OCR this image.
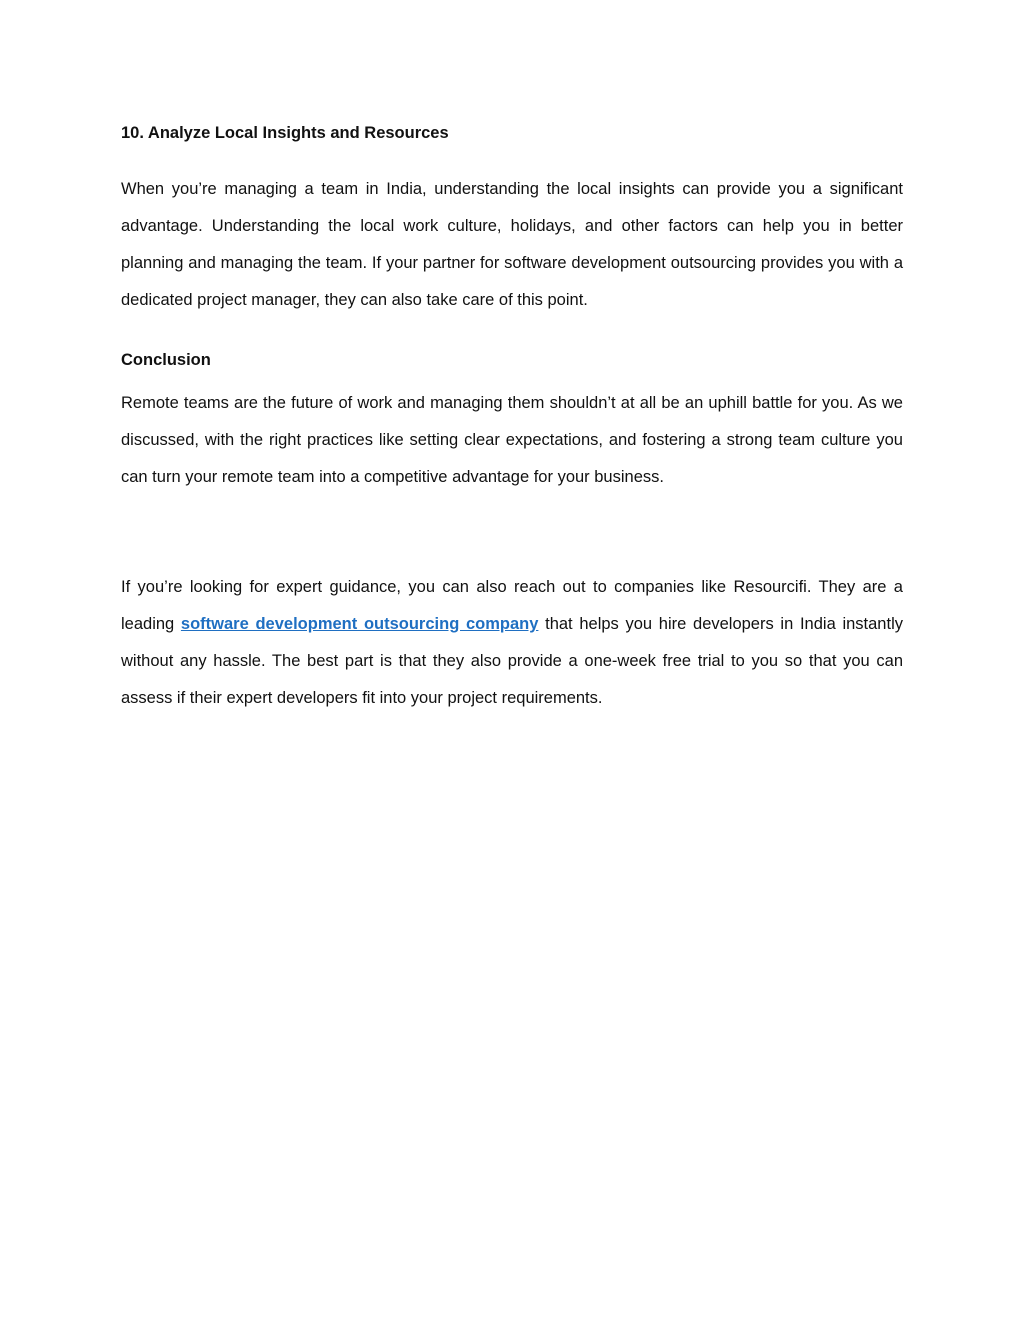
10. Analyze Local Insights and Resources

When you’re managing a team in India, understanding the local insights can provide you a significant advantage. Understanding the local work culture, holidays, and other factors can help you in better planning and managing the team. If your partner for software development outsourcing provides you with a dedicated project manager, they can also take care of this point.

Conclusion

Remote teams are the future of work and managing them shouldn’t at all be an uphill battle for you. As we discussed, with the right practices like setting clear expectations, and fostering a strong team culture you can turn your remote team into a competitive advantage for your business.

If you’re looking for expert guidance, you can also reach out to companies like Resourcifi. They are a leading software development outsourcing company that helps you hire developers in India instantly without any hassle. The best part is that they also provide a one-week free trial to you so that you can assess if their expert developers fit into your project requirements.
